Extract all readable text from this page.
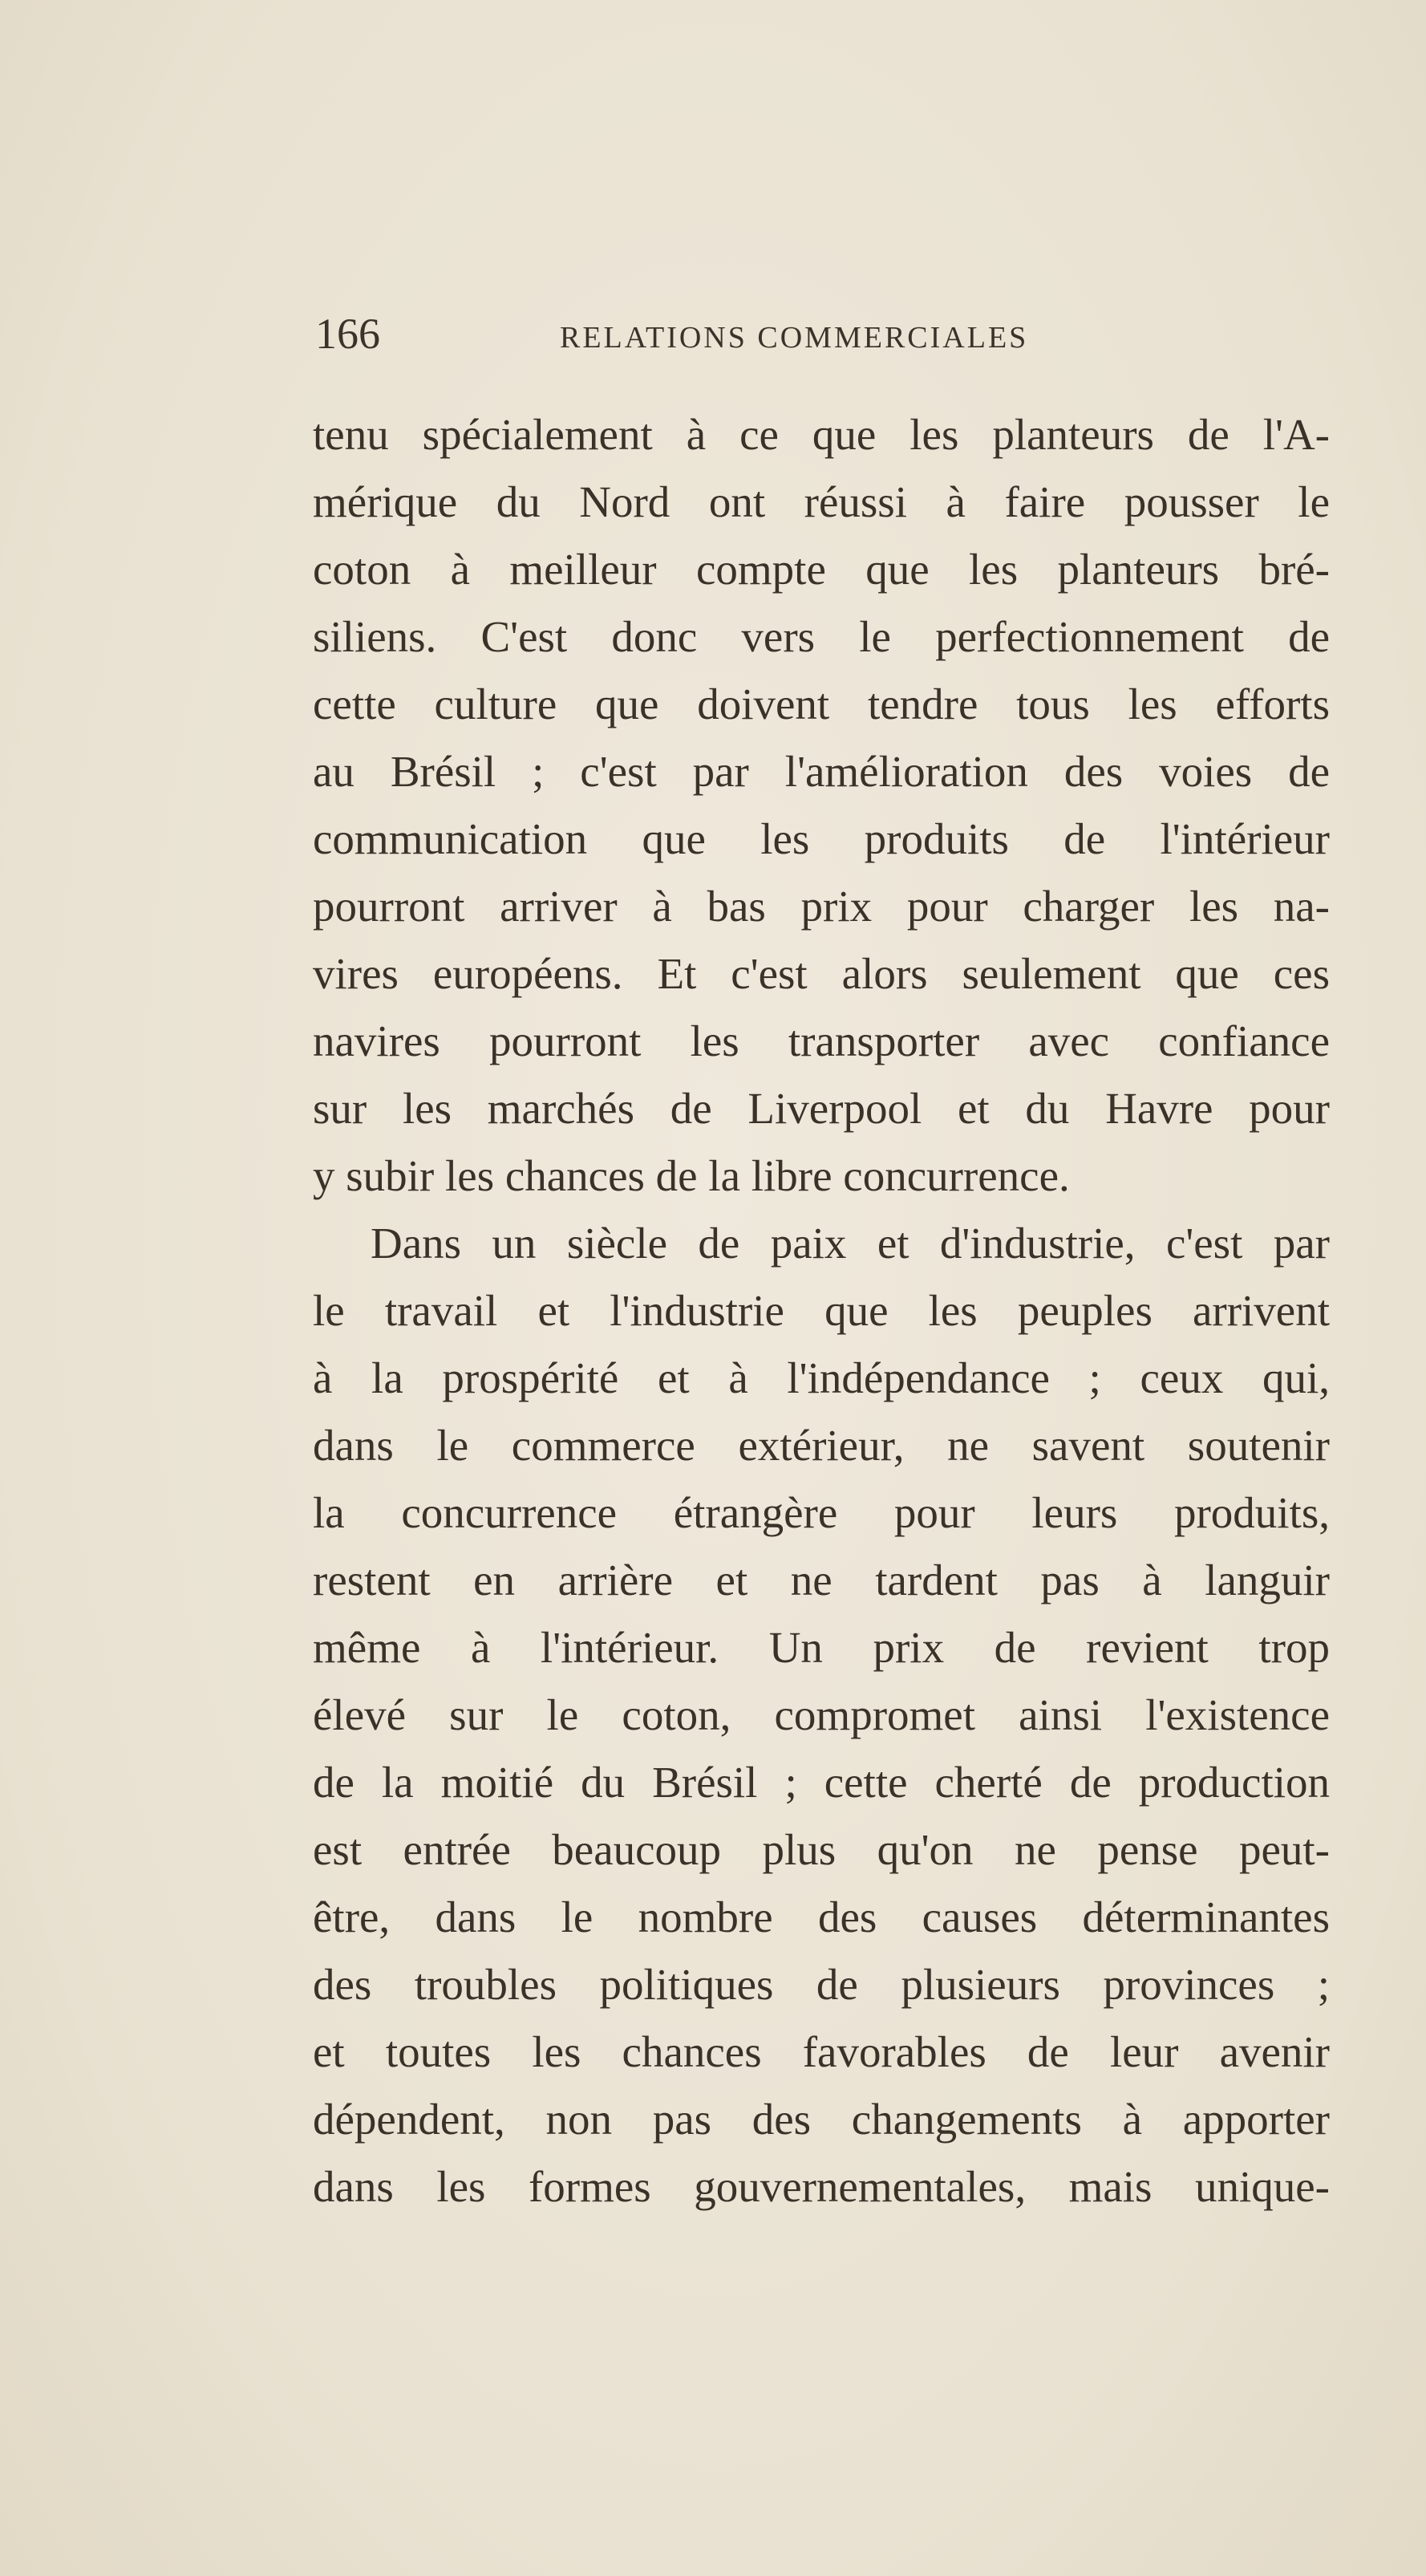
166	RELATIONS COMMERCIALES
tenu spécialement à ce que les planteurs de l'A-
mérique du Nord ont réussi à faire pousser le
coton à meilleur compte que les planteurs bré-
siliens. C'est donc vers le perfectionnement de
cette culture que doivent tendre tous les efforts
au Brésil ; c'est par l'amélioration des voies de
communication que les produits de l'intérieur
pourront arriver à bas prix pour charger les na-
vires européens. Et c'est alors seulement que ces
navires pourront les transporter avec confiance
sur les marchés de Liverpool et du Havre pour
y subir les chances de la libre concurrence.
Dans un siècle de paix et d'industrie, c'est par
le travail et l'industrie que les peuples arrivent
à la prospérité et à l'indépendance ; ceux qui,
dans le commerce extérieur, ne savent soutenir
la concurrence étrangère pour leurs produits,
restent en arrière et ne tardent pas à languir
même à l'intérieur. Un prix de revient trop
élevé sur le coton, compromet ainsi l'existence
de la moitié du Brésil ; cette cherté de production
est entrée beaucoup plus qu'on ne pense peut-
être, dans le nombre des causes déterminantes
des troubles politiques de plusieurs provinces ;
et toutes les chances favorables de leur avenir
dépendent, non pas des changements à apporter
dans les formes gouvernementales, mais unique-
